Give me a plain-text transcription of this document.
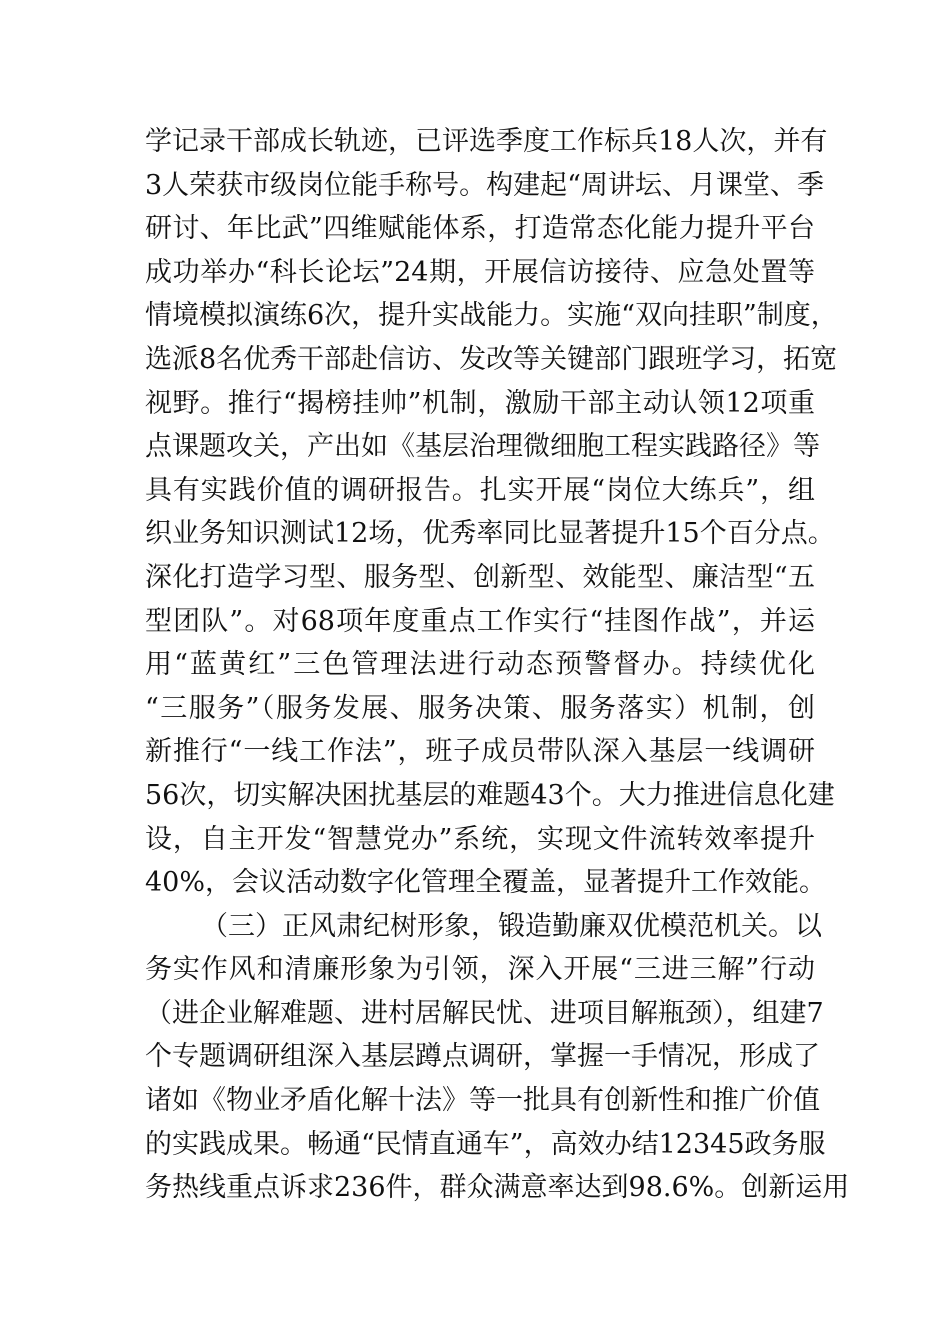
学记录干部成长轨迹，已评选季度工作标兵18人次，并有
3人荣获市级岗位能手称号。构建起“周讲坛、月课堂、季
研讨、年比武”四维赋能体系，打造常态化能力提升平台
成功举办“科长论坛”24期，开展信访接待、应急处置等
情境模拟演练6次，提升实战能力。实施“双向挂职”制度，
选派8名优秀干部赴信访、发改等关键部门跟班学习，拓宽
视野。推行“揭榜挂帅”机制，激励干部主动认领12项重
点课题攻关，产出如《基层治理微细胞工程实践路径》等
具有实践价值的调研报告。扎实开展“岗位大练兵”，组
织业务知识测试12场，优秀率同比显著提升15个百分点。
深化打造学习型、服务型、创新型、效能型、廉洁型“五
型团队”。对68项年度重点工作实行“挂图作战”，并运
用“蓝黄红”三色管理法进行动态预警督办。持续优化
“三服务”（服务发展、服务决策、服务落实）机制，创
新推行“一线工作法”，班子成员带队深入基层一线调研
56次，切实解决困扰基层的难题43个。大力推进信息化建
设，自主开发“智慧党办”系统，实现文件流转效率提升
40%，会议活动数字化管理全覆盖，显著提升工作效能。
（三）正风肃纪树形象，锻造勤廉双优模范机关。以
务实作风和清廉形象为引领，深入开展“三进三解”行动
（进企业解难题、进村居解民忧、进项目解瓶颈），组建7
个专题调研组深入基层蹲点调研，掌握一手情况，形成了
诸如《物业矛盾化解十法》等一批具有创新性和推广价值
的实践成果。畅通“民情直通车”，高效办结12345政务服
务热线重点诉求236件，群众满意率达到98.6%。创新运用
